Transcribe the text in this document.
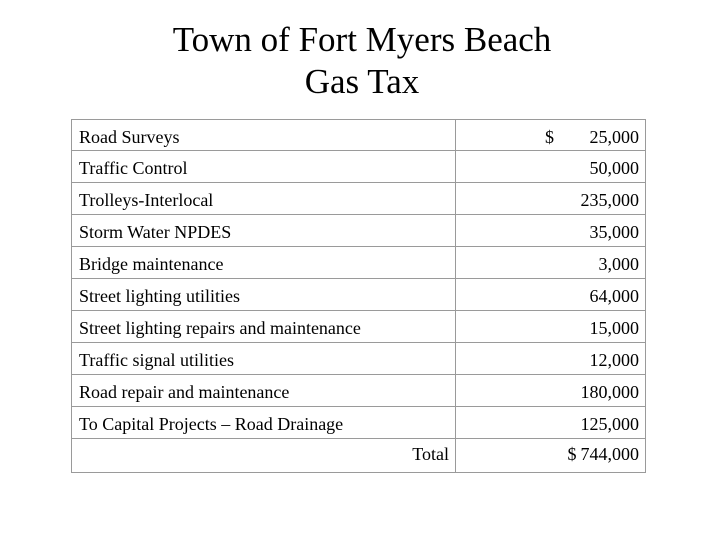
Town of Fort Myers Beach
Gas Tax
Road Surveys	$ 25,000
Traffic Control	50,000
Trolleys-Interlocal	235,000
Storm Water NPDES	35,000
Bridge maintenance	3,000
Street lighting utilities	64,000
Street lighting repairs and maintenance	15,000
Traffic signal utilities	12,000
Road repair and maintenance	180,000
To Capital Projects – Road Drainage	125,000
Total	$ 744,000
